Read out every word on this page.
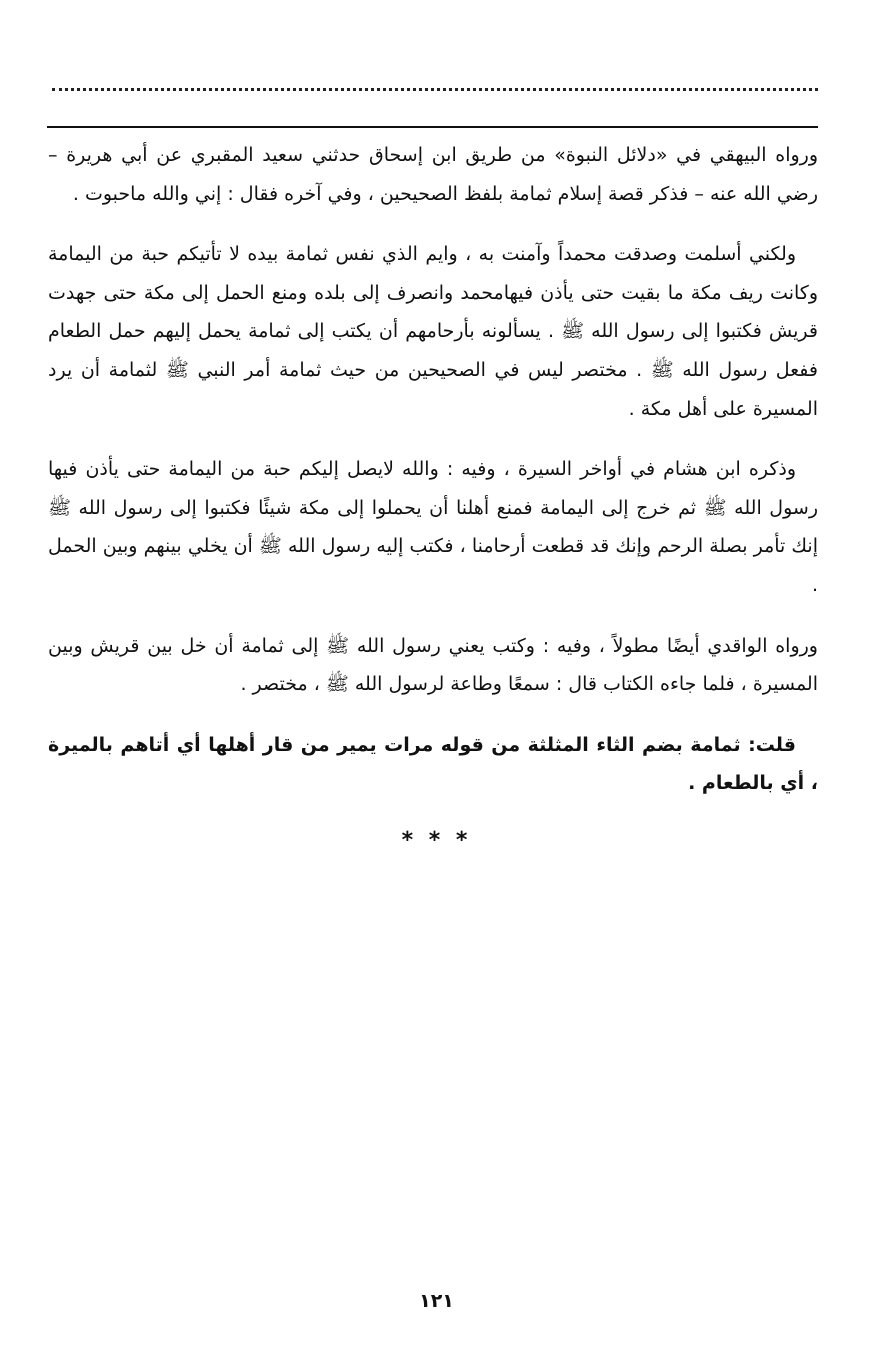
ورواه البيهقي في «دلائل النبوة» من طريق ابن إسحاق حدثني سعيد المقبري عن أبي هريرة – رضي الله عنه – فذكر قصة إسلام ثمامة بلفظ الصحيحين ، وفي آخره فقال : إني والله ماحبوت .

ولكني أسلمت وصدقت محمداً وآمنت به ، وايم الذي نفس ثمامة بيده لا تأتيكم حبة من اليمامة وكانت ريف مكة ما بقيت حتى يأذن فيهامحمد وانصرف إلى بلده ومنع الحمل إلى مكة حتى جهدت قريش فكتبوا إلى رسول الله ﷺ . يسألونه بأرحامهم أن يكتب إلى ثمامة يحمل إليهم حمل الطعام ففعل رسول الله ﷺ . مختصر ليس في الصحيحين من حيث ثمامة أمر النبي ﷺ لثمامة أن يرد المسيرة على أهل مكة .

وذكره ابن هشام في أواخر السيرة ، وفيه : والله لايصل إليكم حبة من اليمامة حتى يأذن فيها رسول الله ﷺ ثم خرج إلى اليمامة فمنع أهلنا أن يحملوا إلى مكة شيئًا فكتبوا إلى رسول الله ﷺ إنك تأمر بصلة الرحم وإنك قد قطعت أرحامنا ، فكتب إليه رسول الله ﷺ أن يخلي بينهم وبين الحمل .

ورواه الواقدي أيضًا مطولاً ، وفيه : وكتب يعني رسول الله ﷺ إلى ثمامة أن خل بين قريش وبين المسيرة ، فلما جاءه الكتاب قال : سمعًا وطاعة لرسول الله ﷺ ، مختصر .

قلت: ثمامة بضم الثاء المثلثة من قوله مرات يمير من قار أهلها أي أتاهم بالميرة ، أي بالطعام .

* * *
١٢١
